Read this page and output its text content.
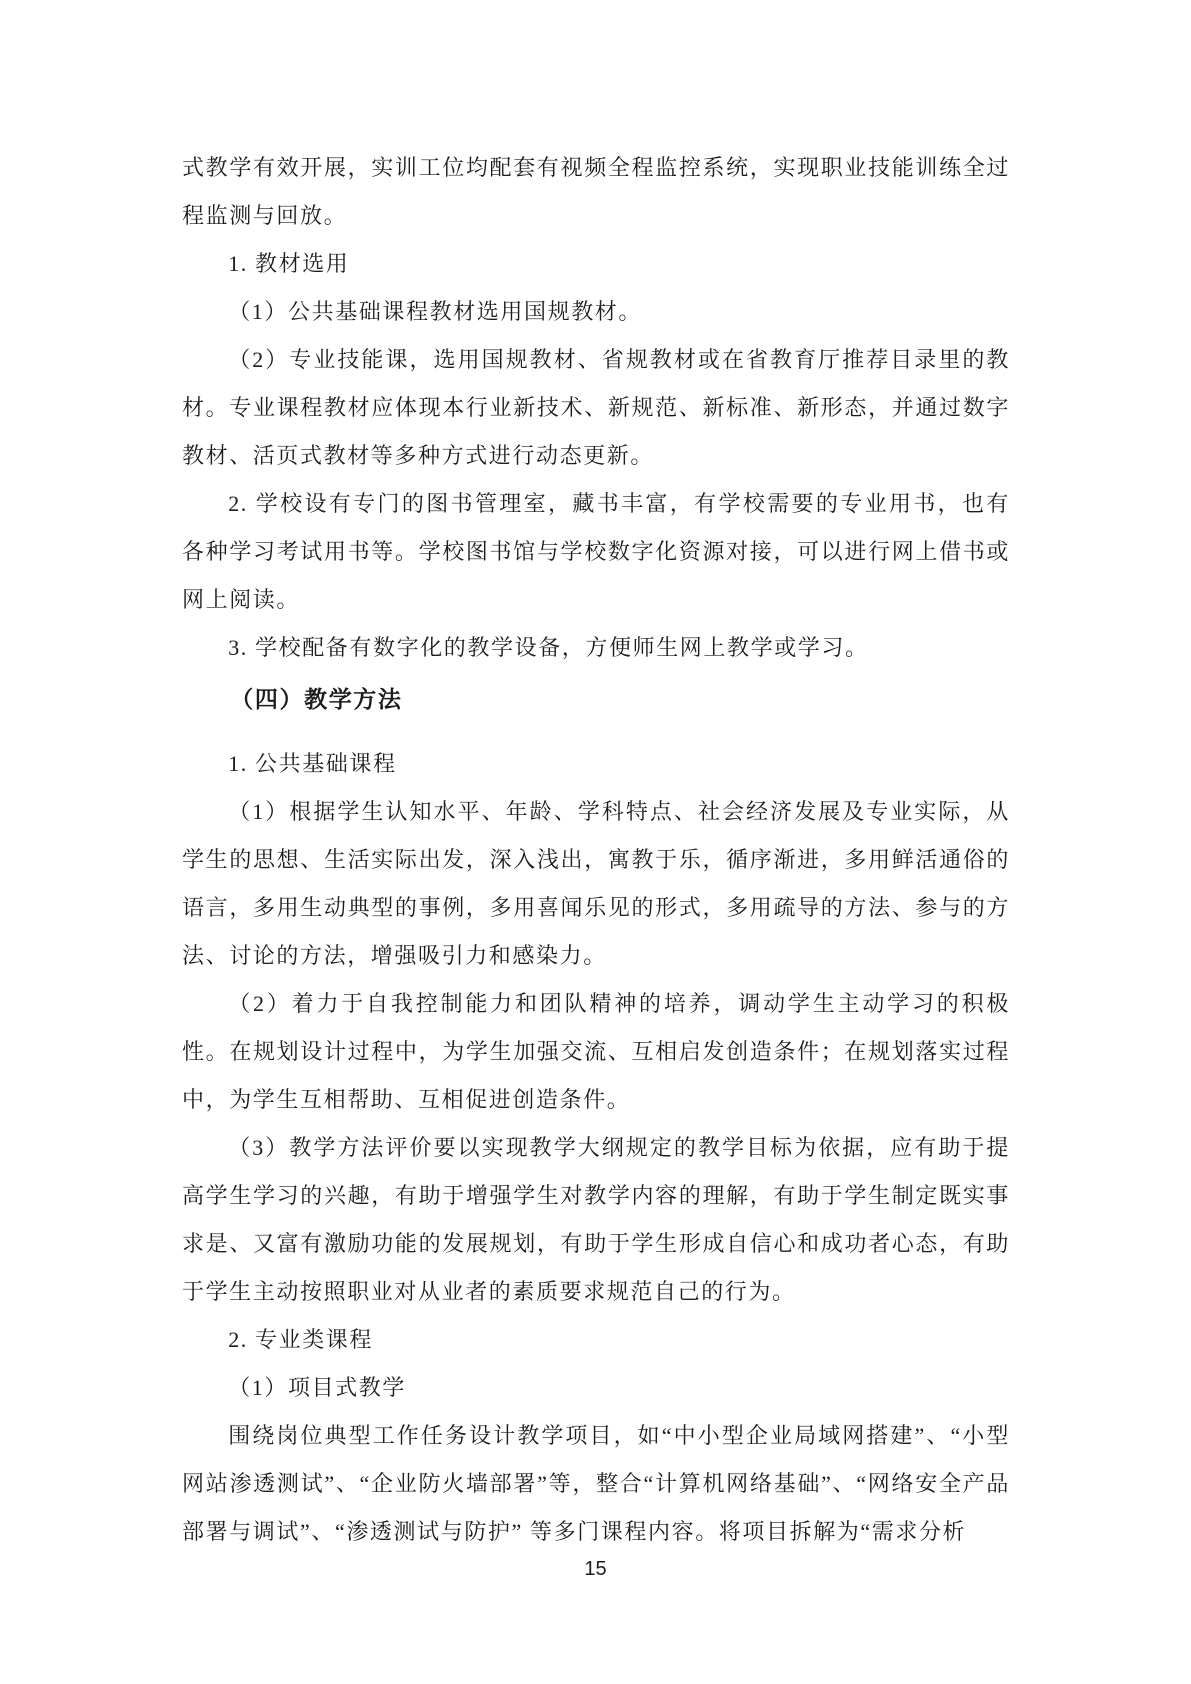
式教学有效开展，实训工位均配套有视频全程监控系统，实现职业技能训练全过程监测与回放。

1. 教材选用

（1）公共基础课程教材选用国规教材。

（2）专业技能课，选用国规教材、省规教材或在省教育厅推荐目录里的教材。专业课程教材应体现本行业新技术、新规范、新标准、新形态，并通过数字教材、活页式教材等多种方式进行动态更新。

2. 学校设有专门的图书管理室，藏书丰富，有学校需要的专业用书，也有各种学习考试用书等。学校图书馆与学校数字化资源对接，可以进行网上借书或网上阅读。

3. 学校配备有数字化的教学设备，方便师生网上教学或学习。

（四）教学方法

1. 公共基础课程

（1）根据学生认知水平、年龄、学科特点、社会经济发展及专业实际，从学生的思想、生活实际出发，深入浅出，寓教于乐，循序渐进，多用鲜活通俗的语言，多用生动典型的事例，多用喜闻乐见的形式，多用疏导的方法、参与的方法、讨论的方法，增强吸引力和感染力。

（2）着力于自我控制能力和团队精神的培养，调动学生主动学习的积极性。在规划设计过程中，为学生加强交流、互相启发创造条件；在规划落实过程中，为学生互相帮助、互相促进创造条件。

（3）教学方法评价要以实现教学大纲规定的教学目标为依据，应有助于提高学生学习的兴趣，有助于增强学生对教学内容的理解，有助于学生制定既实事求是、又富有激励功能的发展规划，有助于学生形成自信心和成功者心态，有助于学生主动按照职业对从业者的素质要求规范自己的行为。

2. 专业类课程

（1）项目式教学

围绕岗位典型工作任务设计教学项目，如“中小型企业局域网搭建”、“小型网站渗透测试”、“企业防火墙部署”等，整合“计算机网络基础”、“网络安全产品部署与调试”、“渗透测试与防护” 等多门课程内容。将项目拆解为“需求分析

15
